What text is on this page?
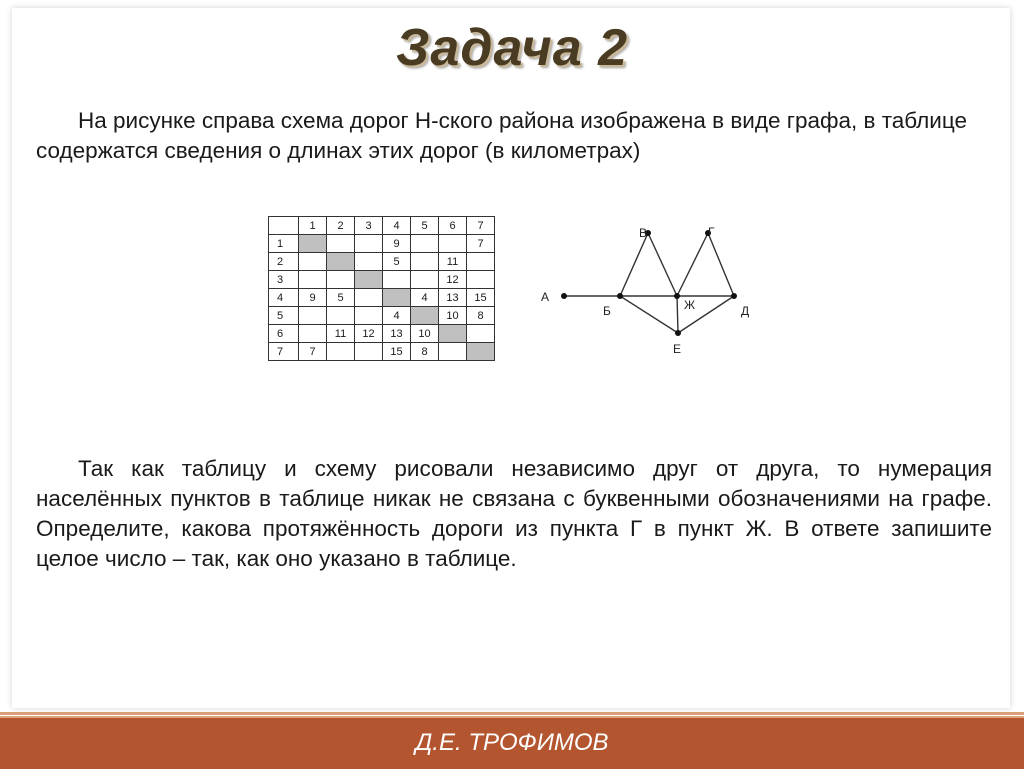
Задача 2
На рисунке справа схема дорог Н-ского района изображена в виде графа, в таблице содержатся сведения о длинах этих дорог (в километрах)
	1	2	3	4	5	6	7
1				9			7
2				5		11	
3						12	
4	9	5			4	13	15
5				4		10	8
6		11	12	13	10		
7	7			15	8		
А
Б
В	Г
Ж	Д
Е
Так как таблицу и схему рисовали независимо друг от друга, то нумерация населённых пунктов в таблице никак не связана с буквенными обозначениями на графе. Определите, какова протяжённость дороги из пункта Г в пункт Ж. В ответе запишите целое число – так, как оно указано в таблице.
Д.Е. ТРОФИМОВ
